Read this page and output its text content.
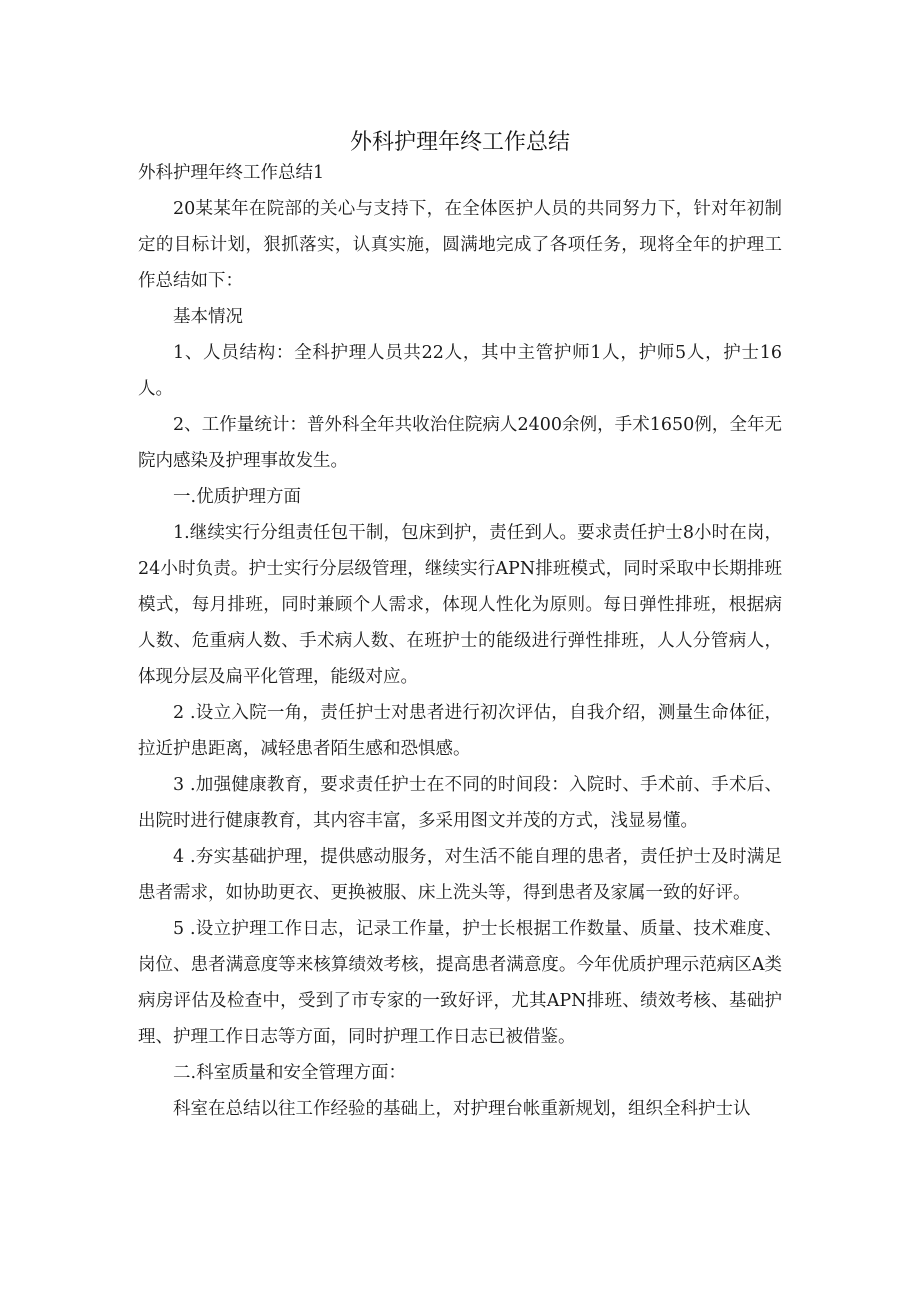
外科护理年终工作总结

外科护理年终工作总结1

20某某年在院部的关心与支持下，在全体医护人员的共同努力下，针对年初制定的目标计划，狠抓落实，认真实施，圆满地完成了各项任务，现将全年的护理工作总结如下：

基本情况

1、人员结构：全科护理人员共22人，其中主管护师1人，护师5人，护士16人。

2、工作量统计：普外科全年共收治住院病人2400余例，手术1650例，全年无院内感染及护理事故发生。

一.优质护理方面

1.继续实行分组责任包干制，包床到护，责任到人。要求责任护士8小时在岗，24小时负责。护士实行分层级管理，继续实行APN排班模式，同时采取中长期排班模式，每月排班，同时兼顾个人需求，体现人性化为原则。每日弹性排班，根据病人数、危重病人数、手术病人数、在班护士的能级进行弹性排班，人人分管病人，体现分层及扁平化管理，能级对应。

2 .设立入院一角，责任护士对患者进行初次评估，自我介绍，测量生命体征，拉近护患距离，减轻患者陌生感和恐惧感。

3 .加强健康教育，要求责任护士在不同的时间段：入院时、手术前、手术后、出院时进行健康教育，其内容丰富，多采用图文并茂的方式，浅显易懂。

4 .夯实基础护理，提供感动服务，对生活不能自理的患者，责任护士及时满足患者需求，如协助更衣、更换被服、床上洗头等，得到患者及家属一致的好评。

5 .设立护理工作日志，记录工作量，护士长根据工作数量、质量、技术难度、岗位、患者满意度等来核算绩效考核，提高患者满意度。今年优质护理示范病区A类病房评估及检查中，受到了市专家的一致好评，尤其APN排班、绩效考核、基础护理、护理工作日志等方面，同时护理工作日志已被借鉴。

二.科室质量和安全管理方面：

科室在总结以往工作经验的基础上，对护理台帐重新规划，组织全科护士认
